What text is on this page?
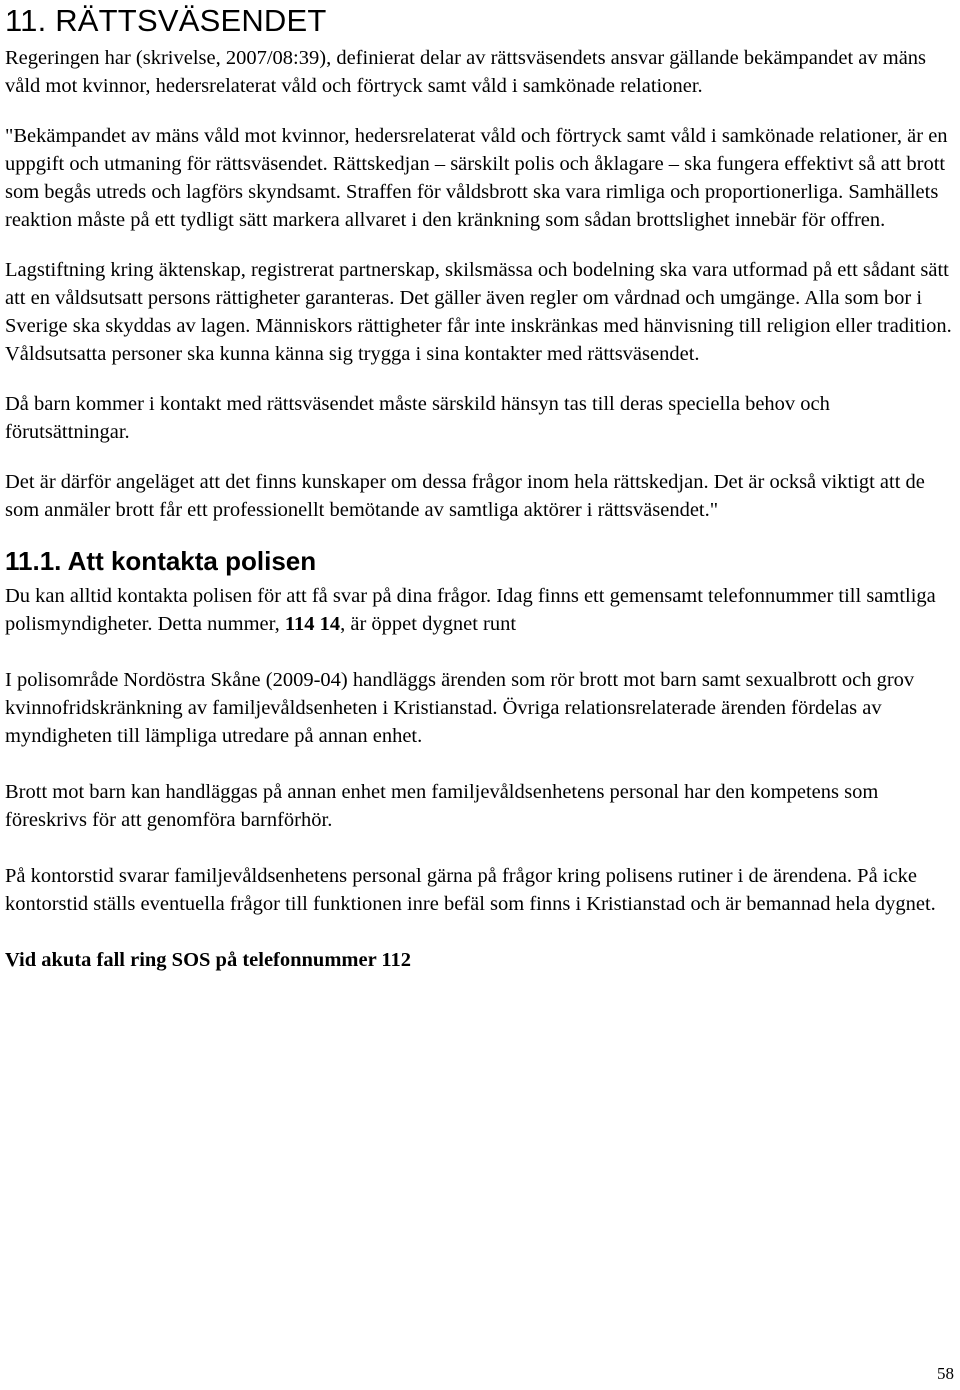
11. RÄTTSVÄSENDET

Regeringen har (skrivelse, 2007/08:39), definierat delar av rättsväsendets ansvar gällande bekämpandet av mäns våld mot kvinnor, hedersrelaterat våld och förtryck samt våld i samkönade relationer.

"Bekämpandet av mäns våld mot kvinnor, hedersrelaterat våld och förtryck samt våld i samkönade relationer, är en uppgift och utmaning för rättsväsendet. Rättskedjan – särskilt polis och åklagare – ska fungera effektivt så att brott som begås utreds och lagförs skyndsamt. Straffen för våldsbrott ska vara rimliga och proportionerliga. Samhällets reaktion måste på ett tydligt sätt markera allvaret i den kränkning som sådan brottslighet innebär för offren.

Lagstiftning kring äktenskap, registrerat partnerskap, skilsmässa och bodelning ska vara utformad på ett sådant sätt att en våldsutsatt persons rättigheter garanteras. Det gäller även regler om vårdnad och umgänge. Alla som bor i Sverige ska skyddas av lagen. Människors rättigheter får inte inskränkas med hänvisning till religion eller tradition.

Våldsutsatta personer ska kunna känna sig trygga i sina kontakter med rättsväsendet.

Då barn kommer i kontakt med rättsväsendet måste särskild hänsyn tas till deras speciella behov och förutsättningar.

Det är därför angeläget att det finns kunskaper om dessa frågor inom hela rättskedjan. Det är också viktigt att de som anmäler brott får ett professionellt bemötande av samtliga aktörer i rättsväsendet."

11.1. Att kontakta polisen

Du kan alltid kontakta polisen för att få svar på dina frågor. Idag finns ett gemensamt telefonnummer till samtliga polismyndigheter. Detta nummer, 114 14, är öppet dygnet runt

I polisområde Nordöstra Skåne (2009-04) handläggs ärenden som rör brott mot barn samt sexualbrott och grov kvinnofridskränkning av familjevåldsenheten i Kristianstad. Övriga relationsrelaterade ärenden fördelas av myndigheten till lämpliga utredare på annan enhet.

Brott mot barn kan handläggas på annan enhet men familjevåldsenhetens personal har den kompetens som föreskrivs för att genomföra barnförhör.

På kontorstid svarar familjevåldsenhetens personal gärna på frågor kring polisens rutiner i de ärendena. På icke kontorstid ställs eventuella frågor till funktionen inre befäl som finns i Kristianstad och är bemannad hela dygnet.

Vid akuta fall ring SOS på telefonnummer 112

58
